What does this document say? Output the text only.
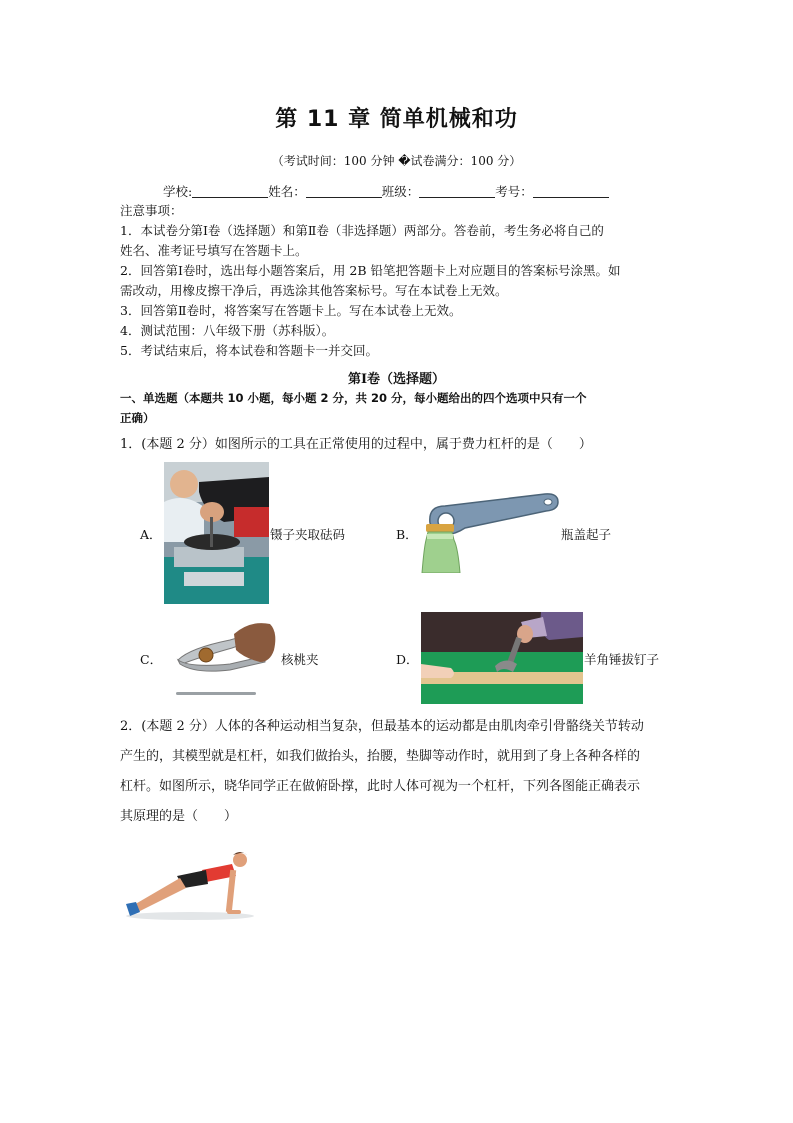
第 11 章 简单机械和功
（考试时间：100 分钟 �试卷满分：100 分）
学校:	姓名：	班级：	考号：
注意事项：
1．本试卷分第Ⅰ卷（选择题）和第Ⅱ卷（非选择题）两部分。答卷前，考生务必将自己的
姓名、准考证号填写在答题卡上。
2．回答第Ⅰ卷时，选出每小题答案后，用 2B 铅笔把答题卡上对应题目的答案标号涂黑。如
需改动，用橡皮擦干净后，再选涂其他答案标号。写在本试卷上无效。
3．回答第Ⅱ卷时，将答案写在答题卡上。写在本试卷上无效。
4．测试范围：八年级下册（苏科版）。
5．考试结束后，将本试卷和答题卡一并交回。
第Ⅰ卷（选择题）
一、单选题（本题共 10 小题，每小题 2 分，共 20 分，每小题给出的四个选项中只有一个
正确）
1．(本题 2 分）如图所示的工具在正常使用的过程中，属于费力杠杆的是（　　）
A．	镊子夹取砝码	B．	瓶盖起子
C．	核桃夹	D．	羊角锤拔钉子
2．(本题 2 分）人体的各种运动相当复杂，但最基本的运动都是由肌肉牵引骨骼绕关节转动
产生的，其模型就是杠杆，如我们做抬头，抬腰，垫脚等动作时，就用到了身上各种各样的
杠杆。如图所示，晓华同学正在做俯卧撑，此时人体可视为一个杠杆，下列各图能正确表示
其原理的是（　　）
